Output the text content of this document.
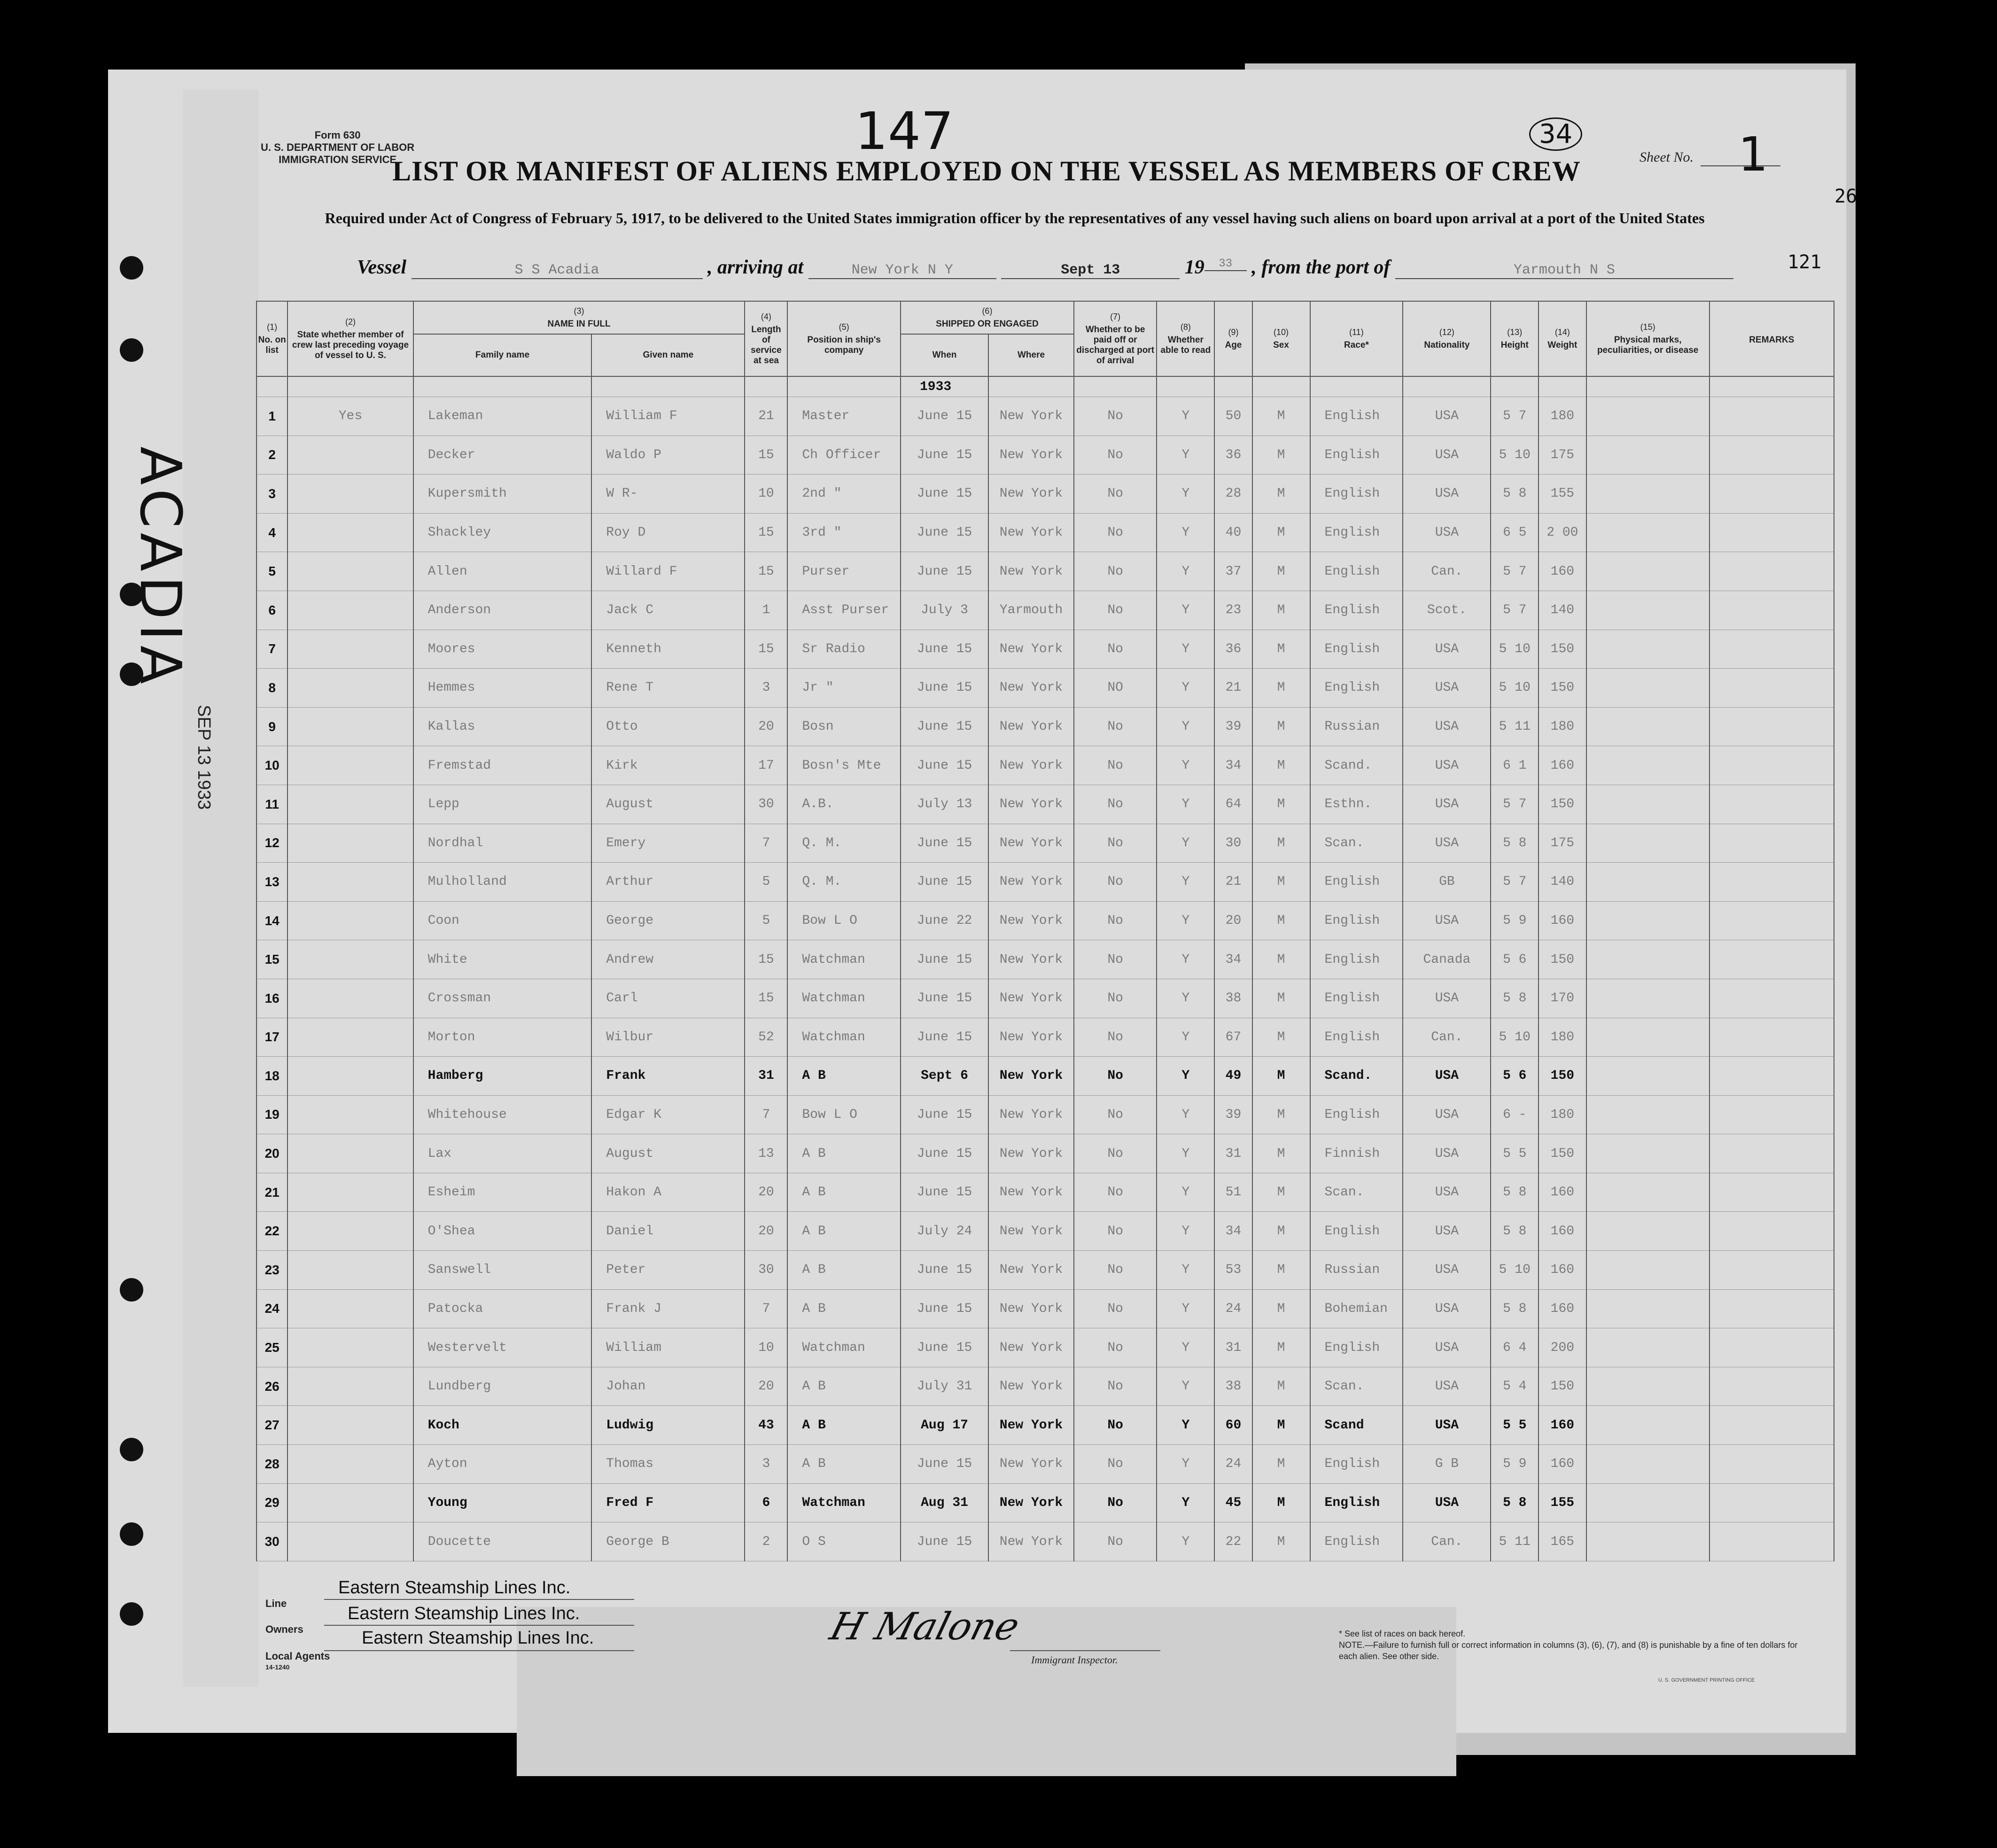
ACADIA
SEP 13 1933
Form 630
U. S. DEPARTMENT OF LABOR
IMMIGRATION SERVICE	147	34
Sheet No. 1
26
121
LIST OR MANIFEST OF ALIENS EMPLOYED ON THE VESSEL AS MEMBERS OF CREW
Required under Act of Congress of February 5, 1917, to be delivered to the United States immigration officer by the representatives of any vessel having such aliens on board upon arrival at a port of the United States
Vessel	S S Acadia	, arriving at	New York N Y	Sept 13	19 33 , from the port of	Yarmouth N S
(1)
No. on list	(2)
State whether member of crew last preceding voyage of vessel to U. S.	(3)
NAME IN FULL		(4)
Length of service at sea	(5)
Position in ship's company	(6)
SHIPPED OR ENGAGED		(7)
Whether to be paid off or discharged at port of arrival	(8)
Whether able to read	(9)
Age	(10)
Sex	(11)
Race*	(12)
Nationality	(13)
Height	(14)
Weight	(15)
Physical marks, peculiarities, or disease	REMARKS
		Family name	Given name			When	Where										
						1933											
1	Yes	Lakeman	William F	21	Master	June 15	New York	No	Y	50	M	English	USA	5 7	180		
2		Decker	Waldo P	15	Ch Officer	June 15	New York	No	Y	36	M	English	USA	5 10	175		
3		Kupersmith	W R-	10	2nd "	June 15	New York	No	Y	28	M	English	USA	5 8	155		
4		Shackley	Roy D	15	3rd "	June 15	New York	No	Y	40	M	English	USA	6 5	2 00		
5		Allen	Willard F	15	Purser	June 15	New York	No	Y	37	M	English	Can.	5 7	160		
6		Anderson	Jack C	1	Asst Purser	July 3	Yarmouth	No	Y	23	M	English	Scot.	5 7	140		
7		Moores	Kenneth	15	Sr Radio	June 15	New York	No	Y	36	M	English	USA	5 10	150		
8		Hemmes	Rene T	3	Jr "	June 15	New York	NO	Y	21	M	English	USA	5 10	150		
9		Kallas	Otto	20	Bosn	June 15	New York	No	Y	39	M	Russian	USA	5 11	180		
10		Fremstad	Kirk	17	Bosn's Mte	June 15	New York	No	Y	34	M	Scand.	USA	6 1	160		
11		Lepp	August	30	A.B.	July 13	New York	No	Y	64	M	Esthn.	USA	5 7	150		
12		Nordhal	Emery	7	Q. M.	June 15	New York	No	Y	30	M	Scan.	USA	5 8	175		
13		Mulholland	Arthur	5	Q. M.	June 15	New York	No	Y	21	M	English	GB	5 7	140		
14		Coon	George	5	Bow L O	June 22	New York	No	Y	20	M	English	USA	5 9	160		
15		White	Andrew	15	Watchman	June 15	New York	No	Y	34	M	English	Canada	5 6	150		
16		Crossman	Carl	15	Watchman	June 15	New York	No	Y	38	M	English	USA	5 8	170		
17		Morton	Wilbur	52	Watchman	June 15	New York	No	Y	67	M	English	Can.	5 10	180		
18		Hamberg	Frank	31	A B	Sept 6	New York	No	Y	49	M	Scand.	USA	5 6	150		
19		Whitehouse	Edgar K	7	Bow L O	June 15	New York	No	Y	39	M	English	USA	6 -	180		
20		Lax	August	13	A B	June 15	New York	No	Y	31	M	Finnish	USA	5 5	150		
21		Esheim	Hakon A	20	A B	June 15	New York	No	Y	51	M	Scan.	USA	5 8	160		
22		O'Shea	Daniel	20	A B	July 24	New York	No	Y	34	M	English	USA	5 8	160		
23		Sanswell	Peter	30	A B	June 15	New York	No	Y	53	M	Russian	USA	5 10	160		
24		Patocka	Frank J	7	A B	June 15	New York	No	Y	24	M	Bohemian	USA	5 8	160		
25		Westervelt	William	10	Watchman	June 15	New York	No	Y	31	M	English	USA	6 4	200		
26		Lundberg	Johan	20	A B	July 31	New York	No	Y	38	M	Scan.	USA	5 4	150		
27		Koch	Ludwig	43	A B	Aug 17	New York	No	Y	60	M	Scand	USA	5 5	160		
28		Ayton	Thomas	3	A B	June 15	New York	No	Y	24	M	English	G B	5 9	160		
29		Young	Fred F	6	Watchman	Aug 31	New York	No	Y	45	M	English	USA	5 8	155		
30		Doucette	George B	2	O S	June 15	New York	No	Y	22	M	English	Can.	5 11	165		
Eastern Steamship Lines Inc.
Eastern Steamship Lines Inc.
Eastern Steamship Lines Inc.
Line
Owners
Local Agents
14-1240
H Malone
Immigrant Inspector.
* See list of races on back hereof.
NOTE.—Failure to furnish full or correct information in columns (3), (6), (7), and (8) is punishable by a fine of ten dollars for each alien. See other side.
U. S. GOVERNMENT PRINTING OFFICE
